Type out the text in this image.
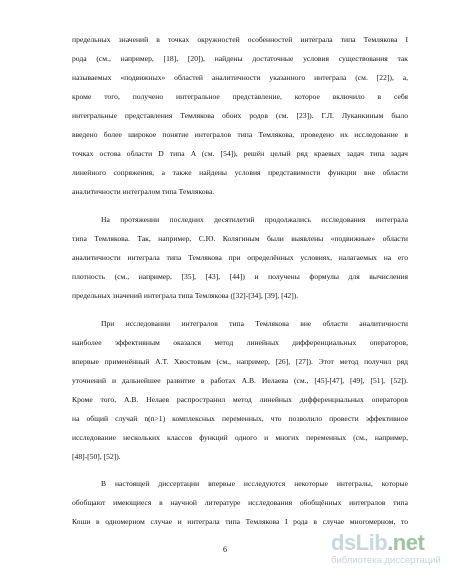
предельных значений в точках окружностей особенностей интеграла типа Темлякова I
рода (см., например, [18], [20]), найдены достаточные условия существования так
называемых «подвижных» областей аналитичности указанного интеграла (см. [22]), а,
кроме того, получено интегральное представление, которое включило в себя
интегральные представления Темлякова обоих родов (см. [23]). Г.Л. Луканкиным было
введено более широкое понятие интегралов типа Темлякова, проведено их исследование в
точках остова области D типа A (см. [54]), решён целый ряд краевых задач типа задач
линейного сопряжения, а также найдены условия представимости функции вне области
аналитичности интегралом типа Темлякова.
На протяжении последних десятилетий продолжались исследования интеграла
типа Темлякова. Так, например, С.Ю. Колягиным были выявлены «подвижные» области
аналитичности интеграла типа Темлякова при определённых условиях, налагаемых на его
плотность (см., например, [35], [43], [44]) и получены формулы для вычисления
предельных значений интеграла типа Темлякова ([32]-[34], [39], [42]).
При исследовании интегралов типа Темлякова вне области аналитичности
наиболее эффективным оказался метод линейных дифференциальных операторов,
впервые применённый А.Т. Хвостовым (см., например, [26], [27]). Этот метод получил ряд
уточнений и дальнейшее развитие в работах А.В. Иелаева (см., [45]-[47], [49], [51], [52]).
Кроме того, А.В. Нелаев распространил метод линейных дифференциальных операторов
на общий случай n(n>1) комплексных переменных, что позволило провести эффективное
исследование нескольких классов функций одного и многих переменных (см., например,
[48]-[50], [52]).
В настоящей диссертации впервые исследуются некоторые интегралы, которые
обобщают имеющиеся в научной литературе исследования обобщённых интегралов типа
Коши в одномерном случае и интеграла типа Темлякова I рода в случае многомерном, то
6	dsLib.net
библиотека диссертаций
